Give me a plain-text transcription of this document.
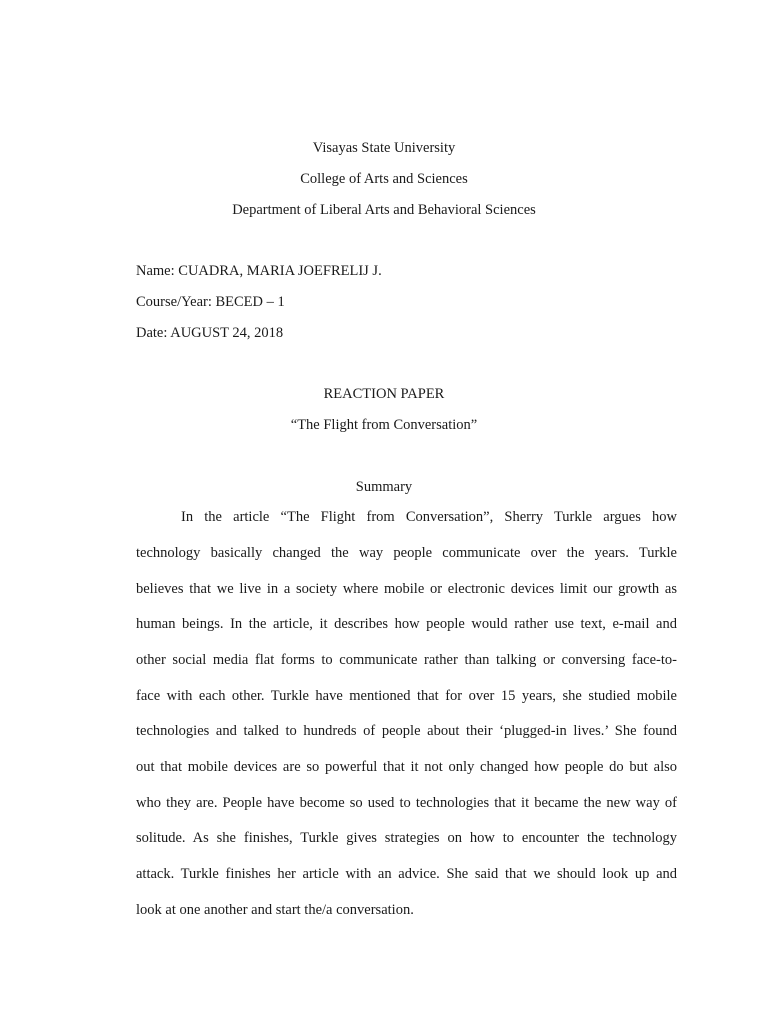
Visayas State University
College of Arts and Sciences
Department of Liberal Arts and Behavioral Sciences
Name: CUADRA, MARIA JOEFRELIJ J.
Course/Year: BECED – 1
Date: AUGUST 24, 2018
REACTION PAPER
“The Flight from Conversation”
Summary
In the article “The Flight from Conversation”, Sherry Turkle argues how
technology basically changed the way people communicate over the years. Turkle
believes that we live in a society where mobile or electronic devices limit our growth as
human beings. In the article, it describes how people would rather use text, e-mail and
other social media flat forms to communicate rather than talking or conversing face-to-
face with each other. Turkle have mentioned that for over 15 years, she studied mobile
technologies and talked to hundreds of people about their ‘plugged-in lives.’ She found
out that mobile devices are so powerful that it not only changed how people do but also
who they are. People have become so used to technologies that it became the new way of
solitude. As she finishes, Turkle gives strategies on how to encounter the technology
attack. Turkle finishes her article with an advice. She said that we should look up and
look at one another and start the/a conversation.
